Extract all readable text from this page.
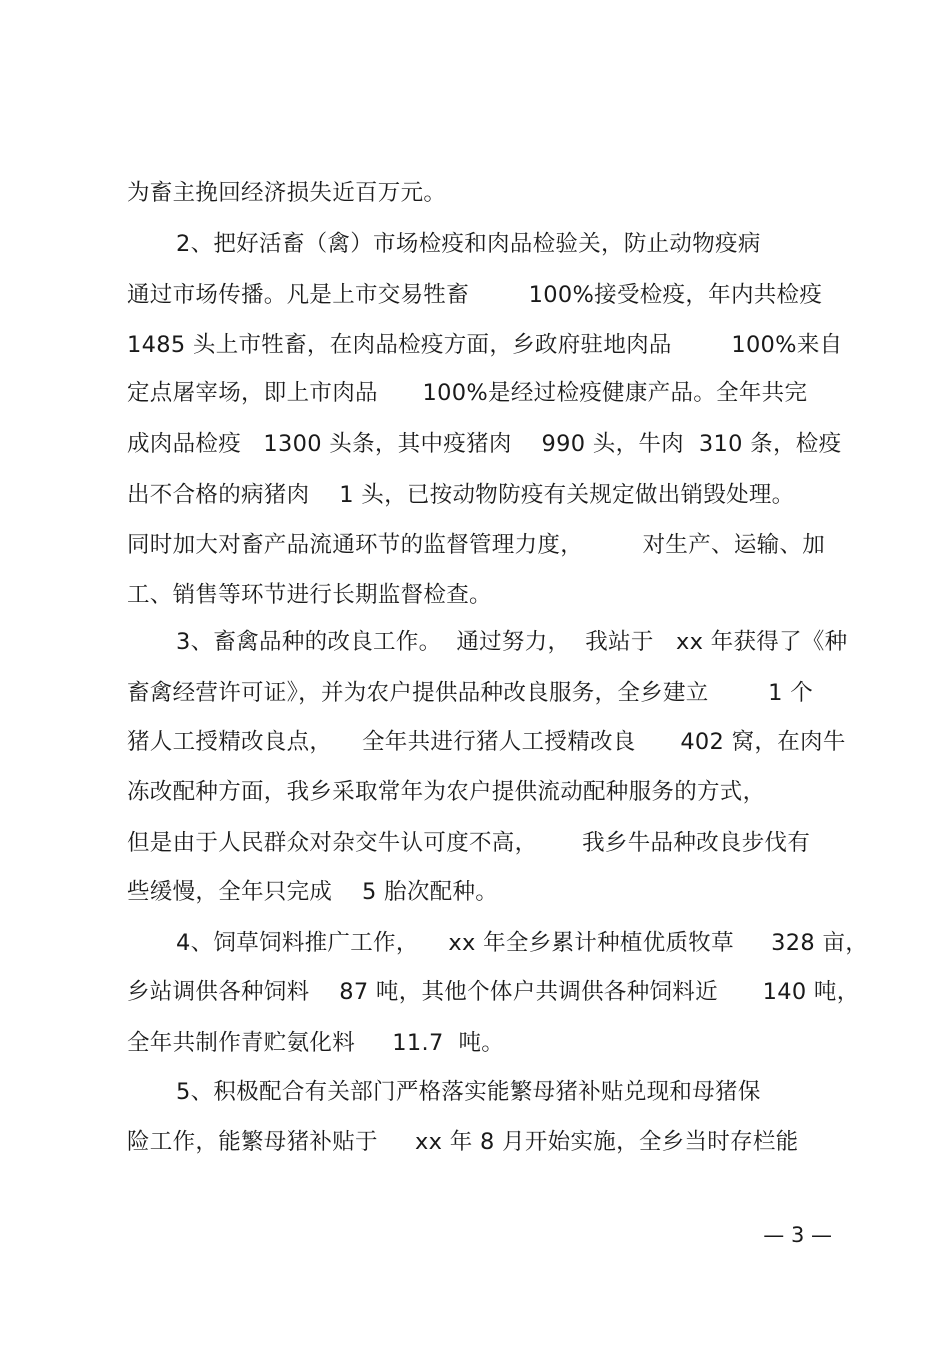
为畜主挽回经济损失近百万元。
2、把好活畜（禽）市场检疫和肉品检验关，防止动物疫病
通过市场传播。凡是上市交易牲畜        100%接受检疫，年内共检疫
1485 头上市牲畜，在肉品检疫方面，乡政府驻地肉品        100%来自
定点屠宰场，即上市肉品      100%是经过检疫健康产品。全年共完
成肉品检疫   1300 头条，其中疫猪肉    990 头，牛肉  310 条，检疫
出不合格的病猪肉    1 头，已按动物防疫有关规定做出销毁处理。
同时加大对畜产品流通环节的监督管理力度，        对生产、运输、加
工、销售等环节进行长期监督检查。
3、畜禽品种的改良工作。  通过努力，  我站于   xx 年获得了《种
畜禽经营许可证》，并为农户提供品种改良服务，全乡建立        1 个
猪人工授精改良点，    全年共进行猪人工授精改良      402 窝，在肉牛
冻改配种方面，我乡采取常年为农户提供流动配种服务的方式，
但是由于人民群众对杂交牛认可度不高，      我乡牛品种改良步伐有
些缓慢，全年只完成    5 胎次配种。
4、饲草饲料推广工作，    xx 年全乡累计种植优质牧草     328 亩，
乡站调供各种饲料    87 吨，其他个体户共调供各种饲料近      140 吨，
全年共制作青贮氨化料     11.7  吨。
5、积极配合有关部门严格落实能繁母猪补贴兑现和母猪保
险工作，能繁母猪补贴于     xx 年 8 月开始实施，全乡当时存栏能
— 3 —
